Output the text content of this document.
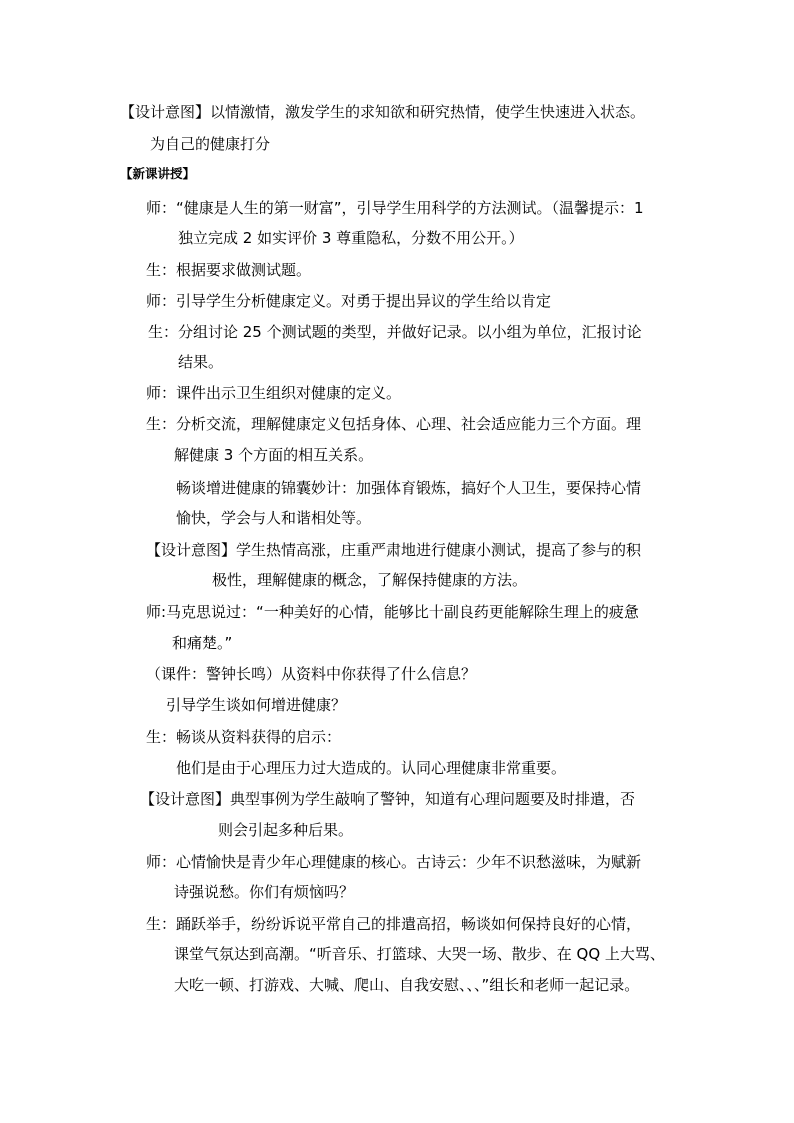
【设计意图】以情激情，激发学生的求知欲和研究热情，使学生快速进入状态。
为自己的健康打分
【新课讲授】
师：“健康是人生的第一财富”，引导学生用科学的方法测试。（温馨提示：1
独立完成 2 如实评价 3 尊重隐私，分数不用公开。）
生：根据要求做测试题。
师：引导学生分析健康定义。对勇于提出异议的学生给以肯定
生：分组讨论 25 个测试题的类型，并做好记录。以小组为单位，汇报讨论
结果。
师：课件出示卫生组织对健康的定义。
生：分析交流，理解健康定义包括身体、心理、社会适应能力三个方面。理
解健康 3 个方面的相互关系。
畅谈增进健康的锦囊妙计：加强体育锻炼，搞好个人卫生，要保持心情
愉快，学会与人和谐相处等。
【设计意图】学生热情高涨，庄重严肃地进行健康小测试，提高了参与的积
极性，理解健康的概念，了解保持健康的方法。
师:马克思说过：“一种美好的心情，能够比十副良药更能解除生理上的疲惫
和痛楚。”
（课件：警钟长鸣）从资料中你获得了什么信息？
引导学生谈如何增进健康？
生：畅谈从资料获得的启示：
他们是由于心理压力过大造成的。认同心理健康非常重要。
【设计意图】典型事例为学生敲响了警钟，知道有心理问题要及时排遣，否
则会引起多种后果。
师：心情愉快是青少年心理健康的核心。古诗云：少年不识愁滋味，为赋新
诗强说愁。你们有烦恼吗？
生：踊跃举手，纷纷诉说平常自己的排遣高招，畅谈如何保持良好的心情，
课堂气氛达到高潮。“听音乐、打篮球、大哭一场、散步、在 QQ 上大骂、
大吃一顿、打游戏、大喊、爬山、自我安慰、、、”组长和老师一起记录。
